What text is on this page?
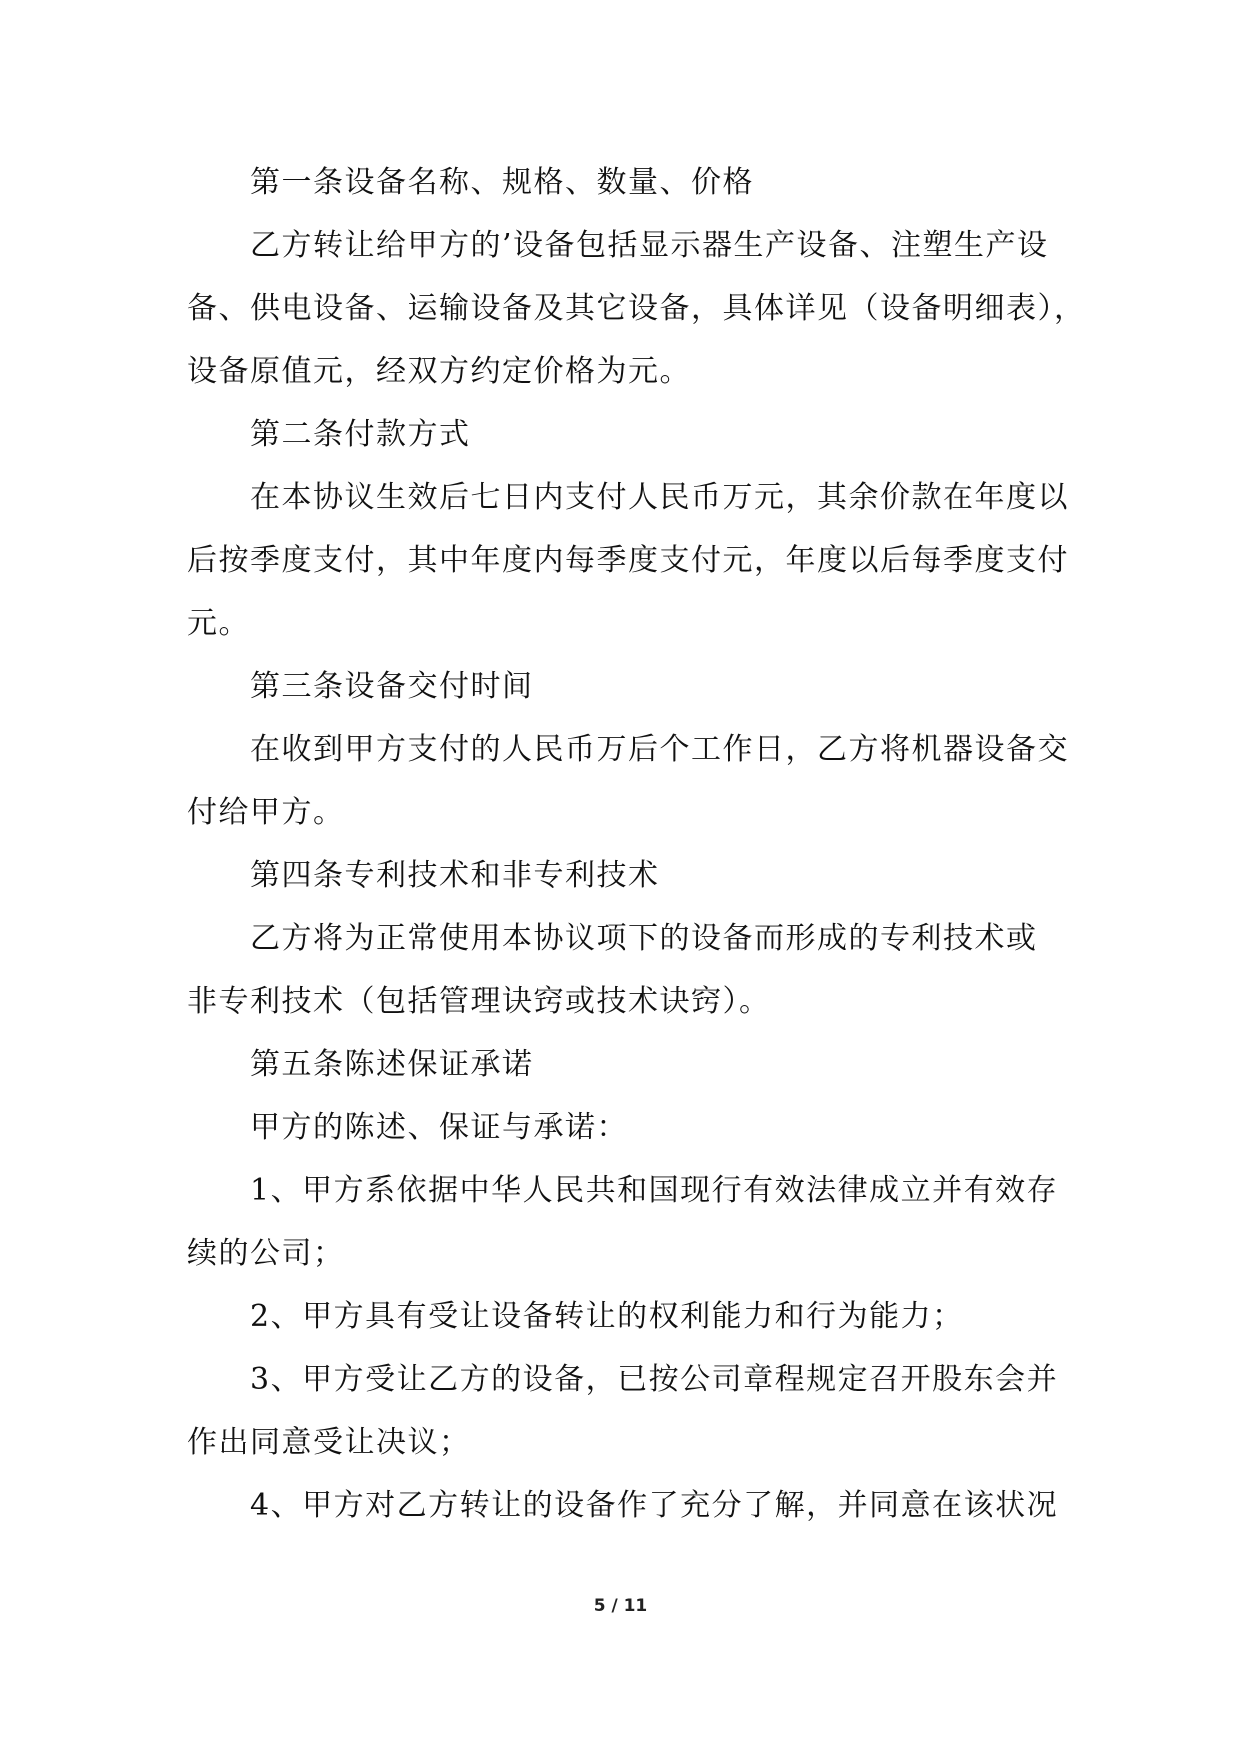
第一条设备名称、规格、数量、价格

乙方转让给甲方的’设备包括显示器生产设备、注塑生产设

备、供电设备、运输设备及其它设备，具体详见（设备明细表），

设备原值元，经双方约定价格为元。

第二条付款方式

在本协议生效后七日内支付人民币万元，其余价款在年度以

后按季度支付，其中年度内每季度支付元，年度以后每季度支付

元。

第三条设备交付时间

在收到甲方支付的人民币万后个工作日，乙方将机器设备交

付给甲方。

第四条专利技术和非专利技术

乙方将为正常使用本协议项下的设备而形成的专利技术或

非专利技术（包括管理诀窍或技术诀窍）。

第五条陈述保证承诺

甲方的陈述、保证与承诺：

1、甲方系依据中华人民共和国现行有效法律成立并有效存

续的公司；

2、甲方具有受让设备转让的权利能力和行为能力；

3、甲方受让乙方的设备，已按公司章程规定召开股东会并

作出同意受让决议；

4、甲方对乙方转让的设备作了充分了解，并同意在该状况

5 / 11
